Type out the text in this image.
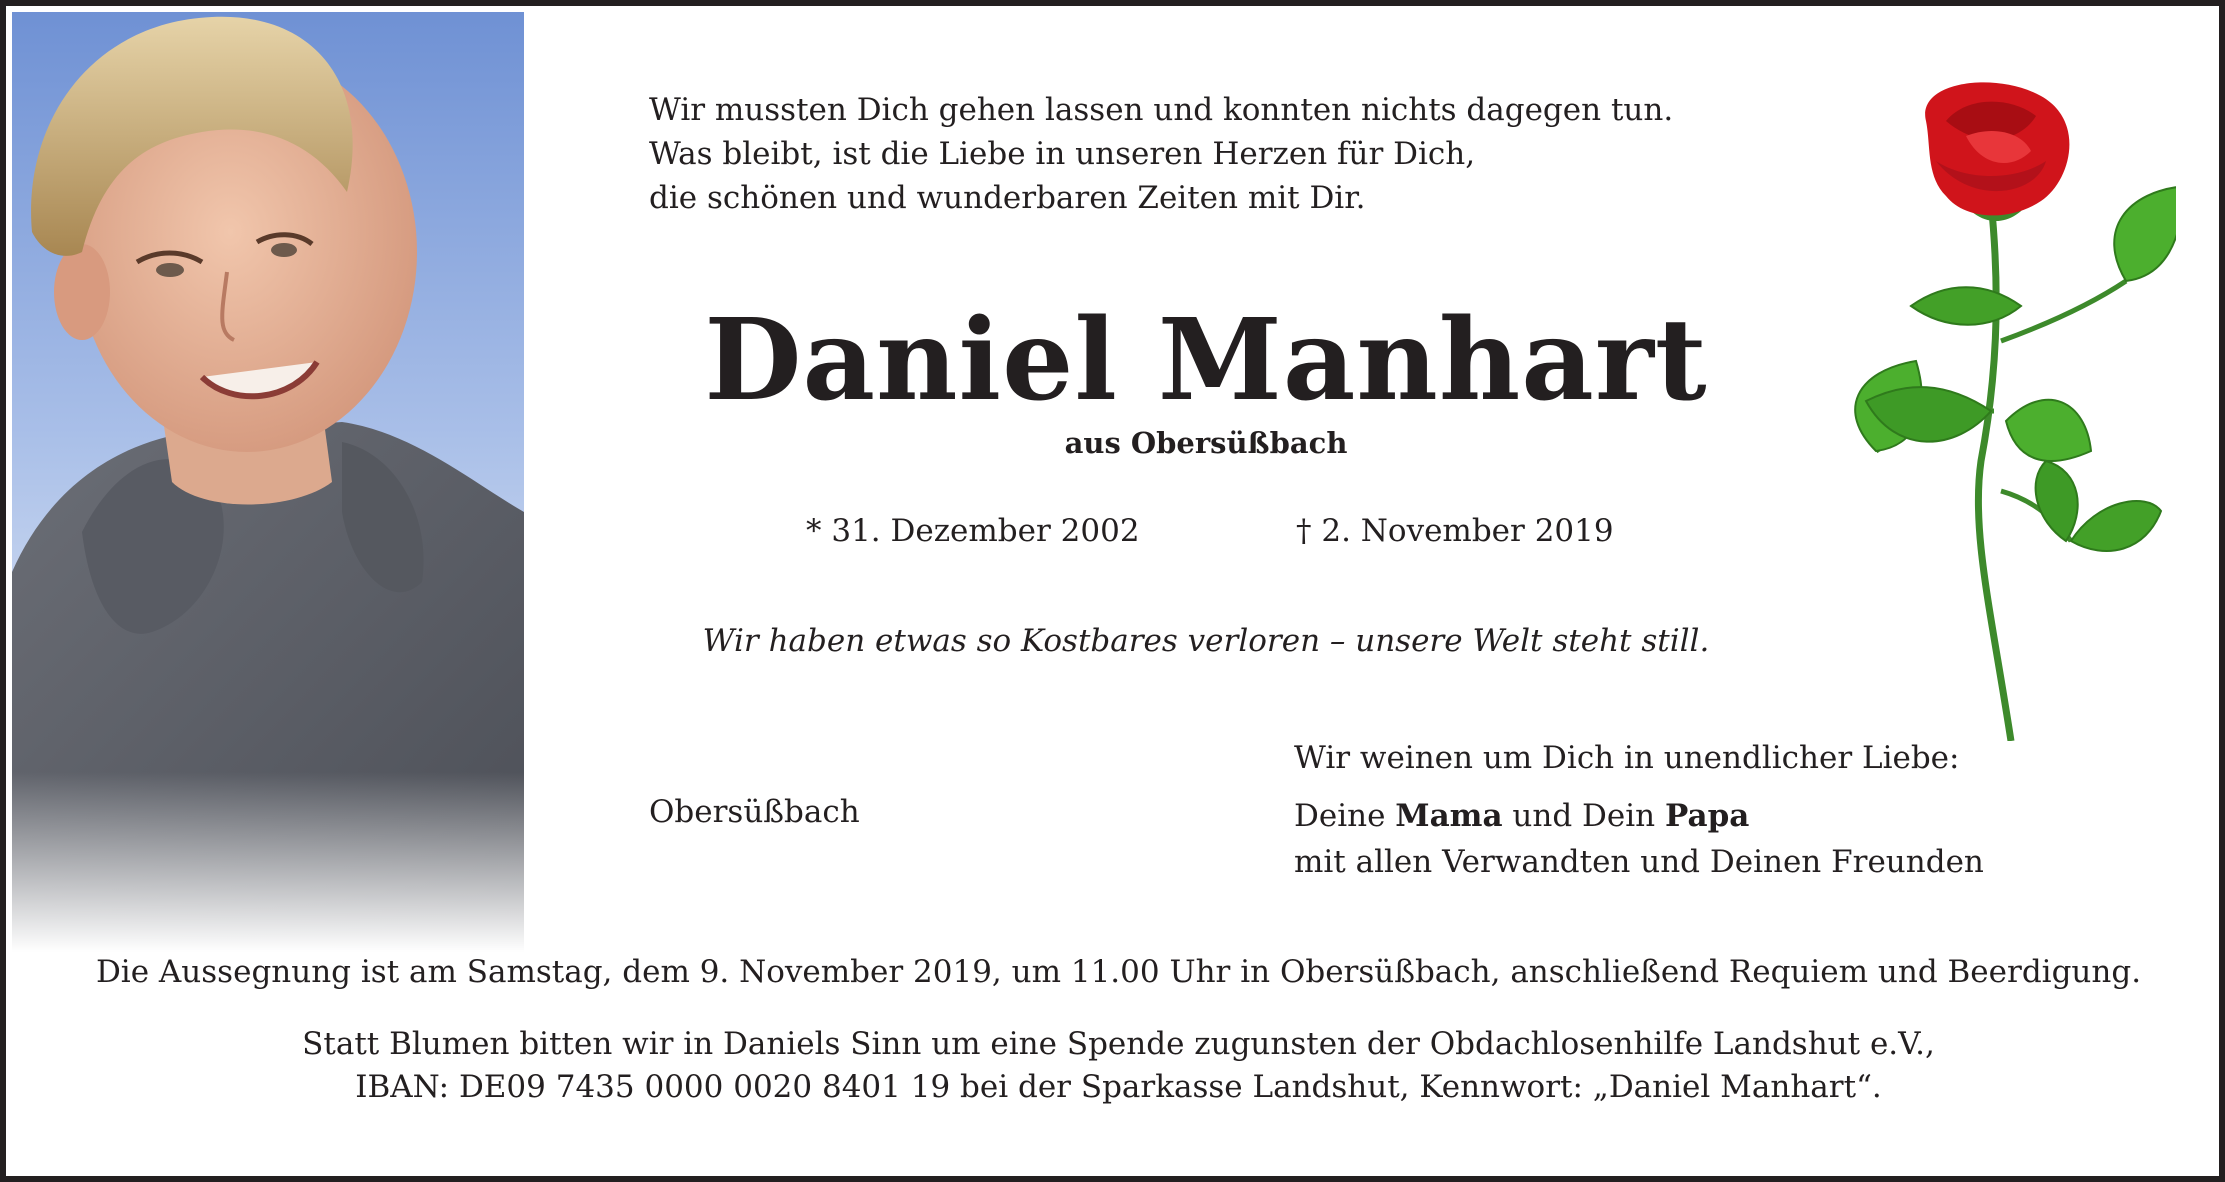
Wir mussten Dich gehen lassen und konnten nichts dagegen tun.
Was bleibt, ist die Liebe in unseren Herzen für Dich,
die schönen und wunderbaren Zeiten mit Dir.
Daniel Manhart
aus Obersüßbach
* 31. Dezember 2002	† 2. November 2019
Wir haben etwas so Kostbares verloren – unsere Welt steht still.
Obersüßbach
Wir weinen um Dich in unendlicher Liebe:
Deine Mama und Dein Papa
mit allen Verwandten und Deinen Freunden
Die Aussegnung ist am Samstag, dem 9. November 2019, um 11.00 Uhr in Obersüßbach, anschließend Requiem und Beerdigung.
Statt Blumen bitten wir in Daniels Sinn um eine Spende zugunsten der Obdachlosenhilfe Landshut e.V.,
IBAN: DE09 7435 0000 0020 8401 19 bei der Sparkasse Landshut, Kennwort: „Daniel Manhart“.
